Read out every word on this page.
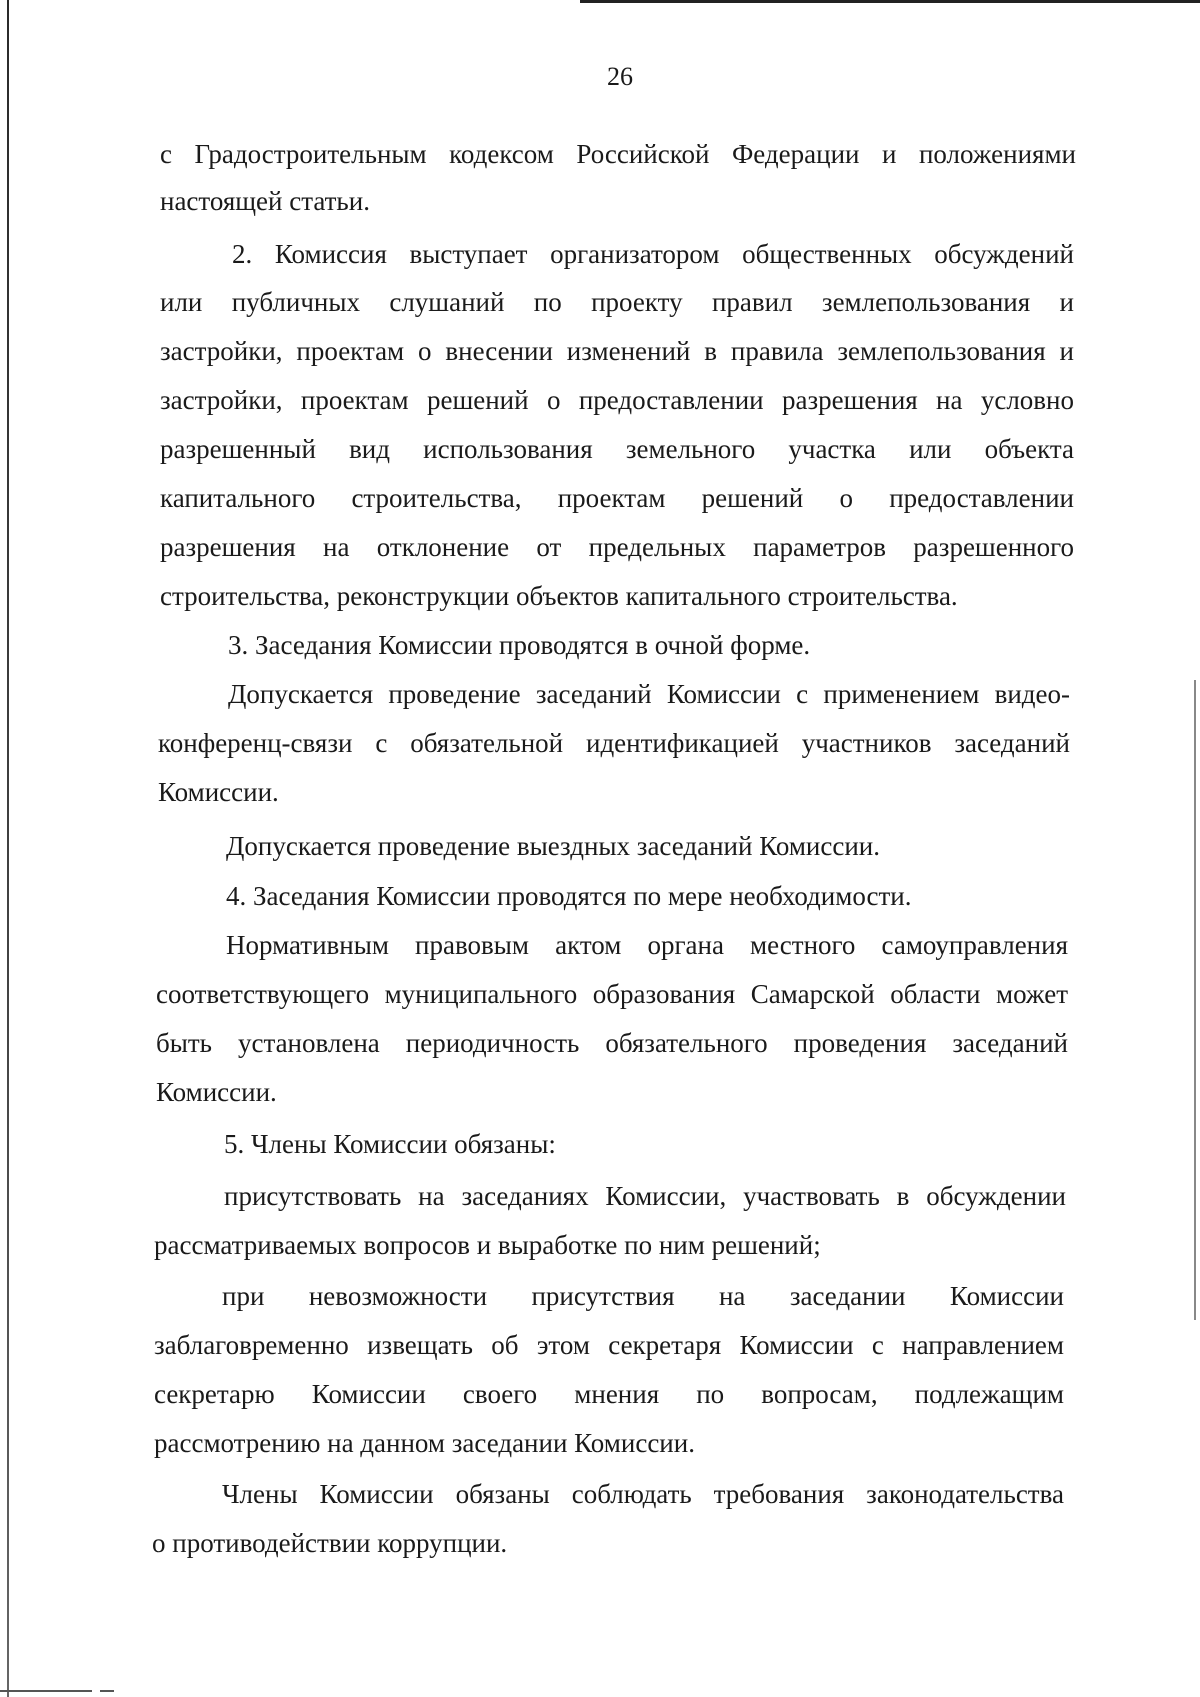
26
с Градостроительным кодексом Российской Федерации и положениями
настоящей статьи.
2. Комиссия выступает организатором общественных обсуждений
или публичных слушаний по проекту правил землепользования и
застройки, проектам о внесении изменений в правила землепользования и
застройки, проектам решений о предоставлении разрешения на условно
разрешенный вид использования земельного участка или объекта
капитального строительства, проектам решений о предоставлении
разрешения на отклонение от предельных параметров разрешенного
строительства, реконструкции объектов капитального строительства.
3. Заседания Комиссии проводятся в очной форме.
Допускается проведение заседаний Комиссии с применением видео-
конференц-связи с обязательной идентификацией участников заседаний
Комиссии.
Допускается проведение выездных заседаний Комиссии.
4. Заседания Комиссии проводятся по мере необходимости.
Нормативным правовым актом органа местного самоуправления
соответствующего муниципального образования Самарской области может
быть установлена периодичность обязательного проведения заседаний
Комиссии.
5. Члены Комиссии обязаны:
присутствовать на заседаниях Комиссии, участвовать в обсуждении
рассматриваемых вопросов и выработке по ним решений;
при невозможности присутствия на заседании Комиссии
заблаговременно извещать об этом секретаря Комиссии с направлением
секретарю Комиссии своего мнения по вопросам, подлежащим
рассмотрению на данном заседании Комиссии.
Члены Комиссии обязаны соблюдать требования законодательства
о противодействии коррупции.
